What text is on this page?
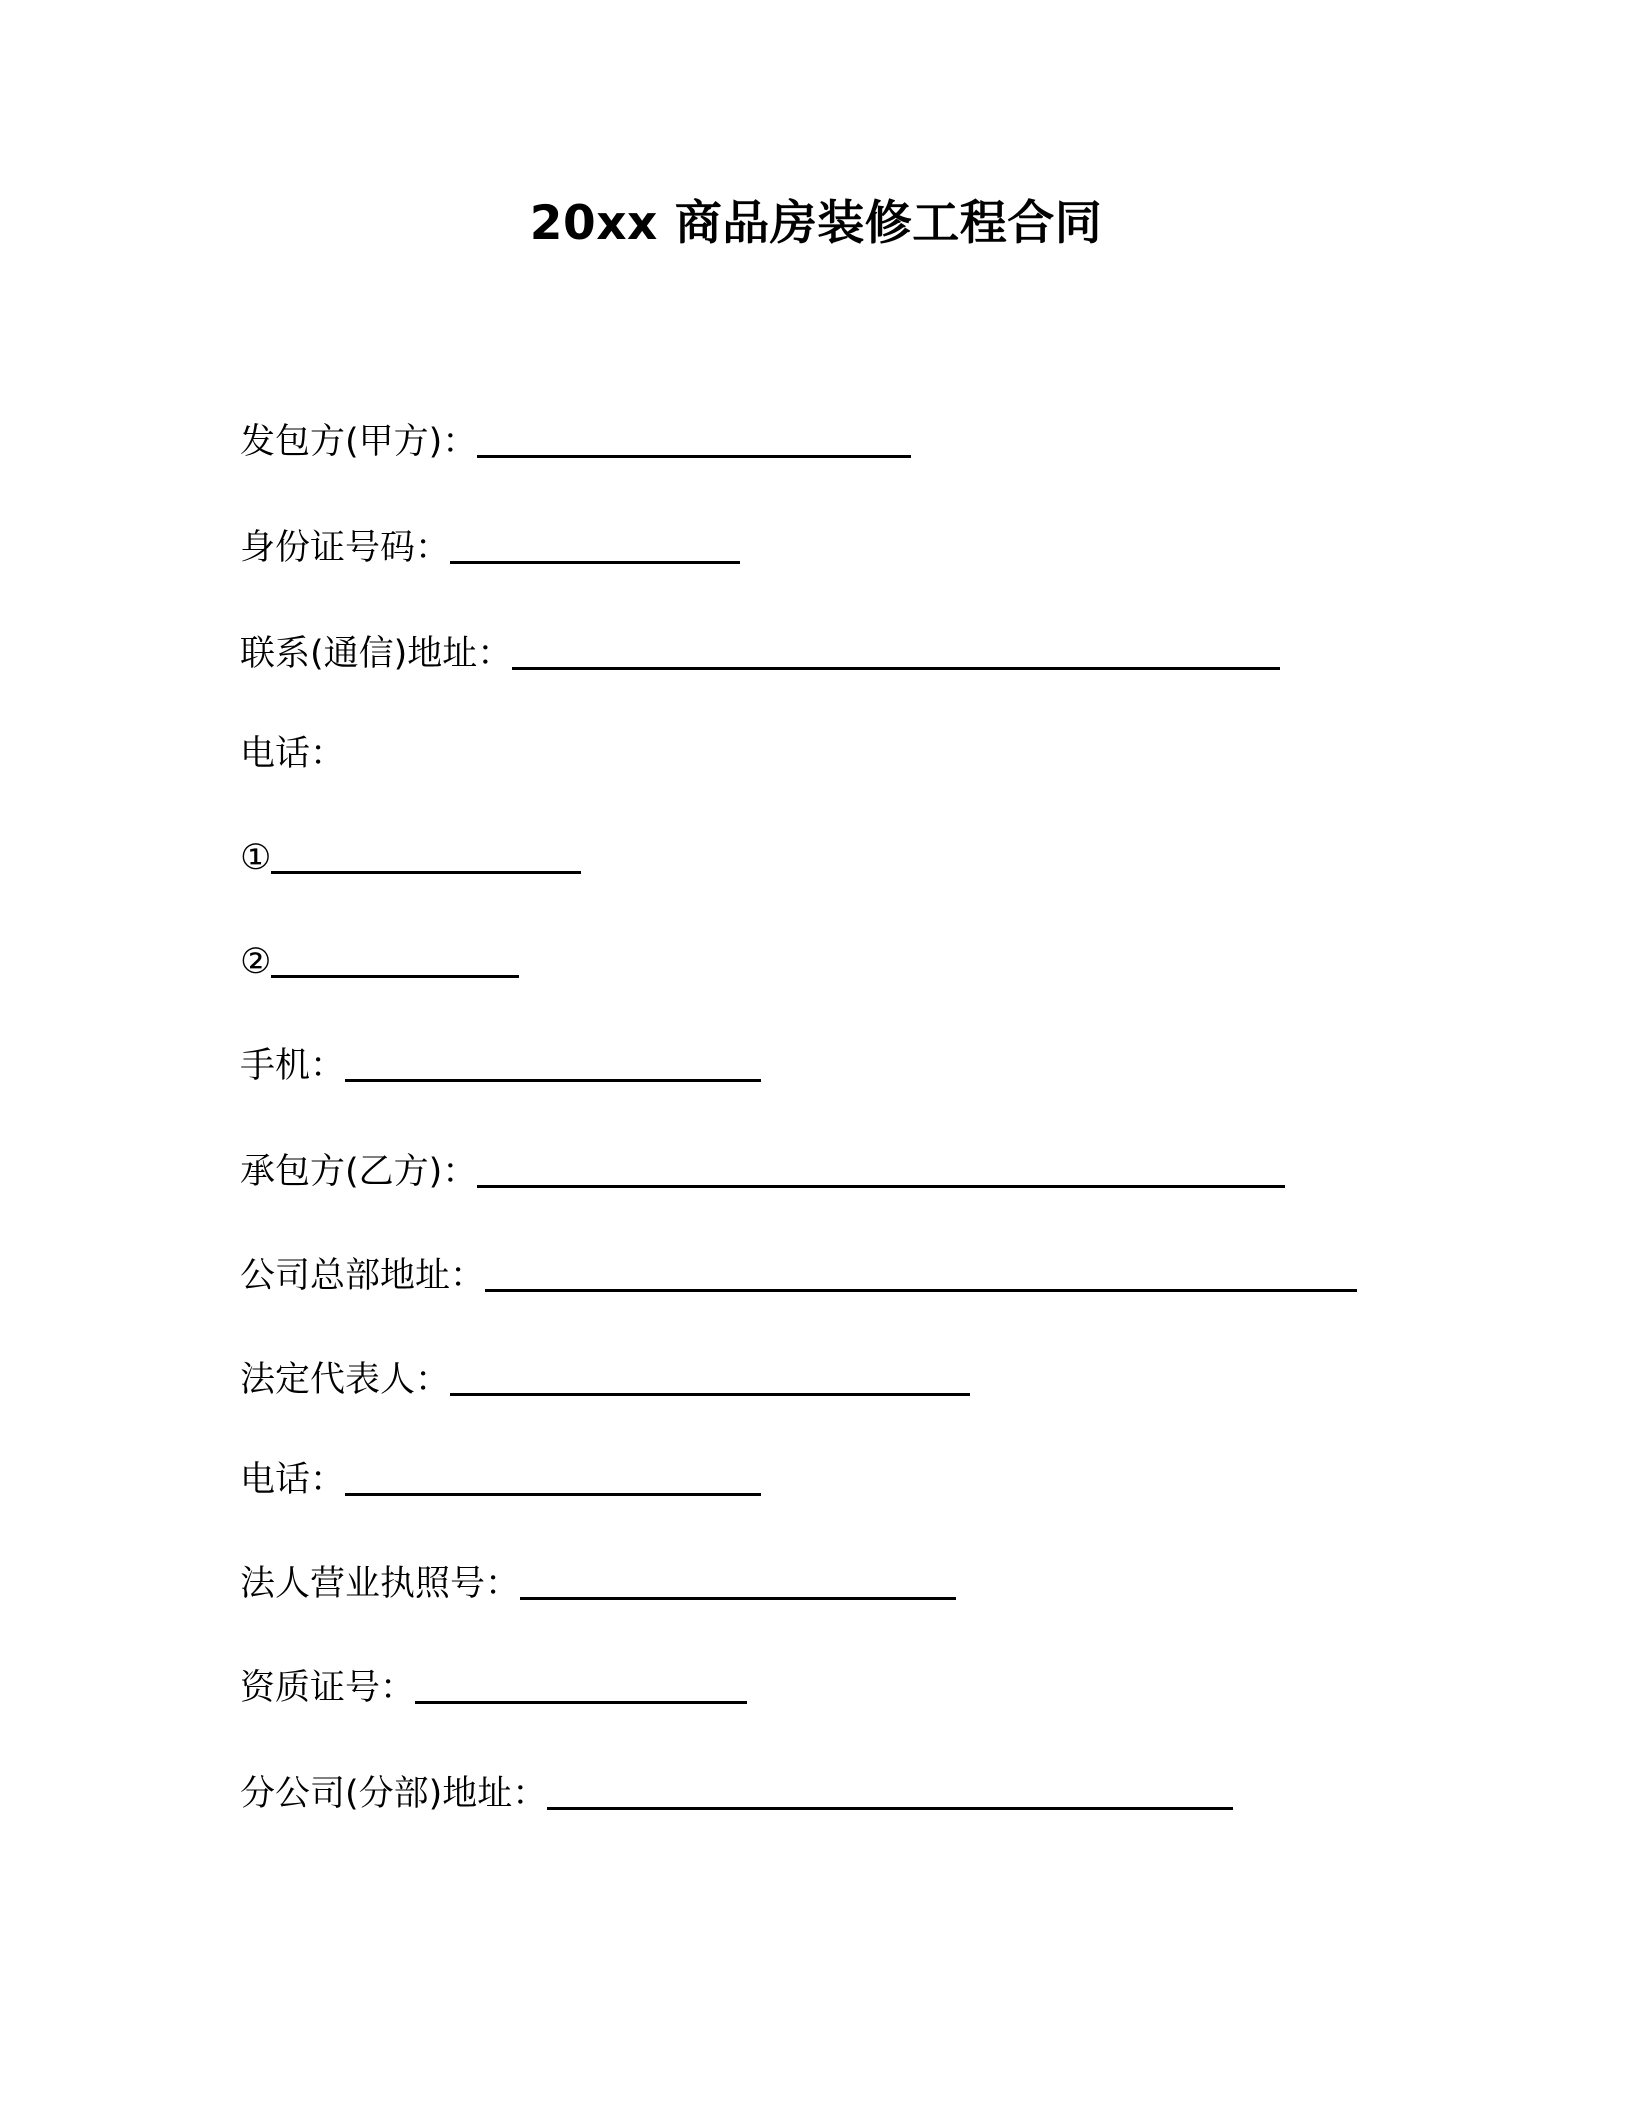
20xx 商品房装修工程合同
发包方(甲方)：
身份证号码：
联系(通信)地址：
电话：
①
②
手机：
承包方(乙方)：
公司总部地址：
法定代表人：
电话：
法人营业执照号：
资质证号：
分公司(分部)地址：
